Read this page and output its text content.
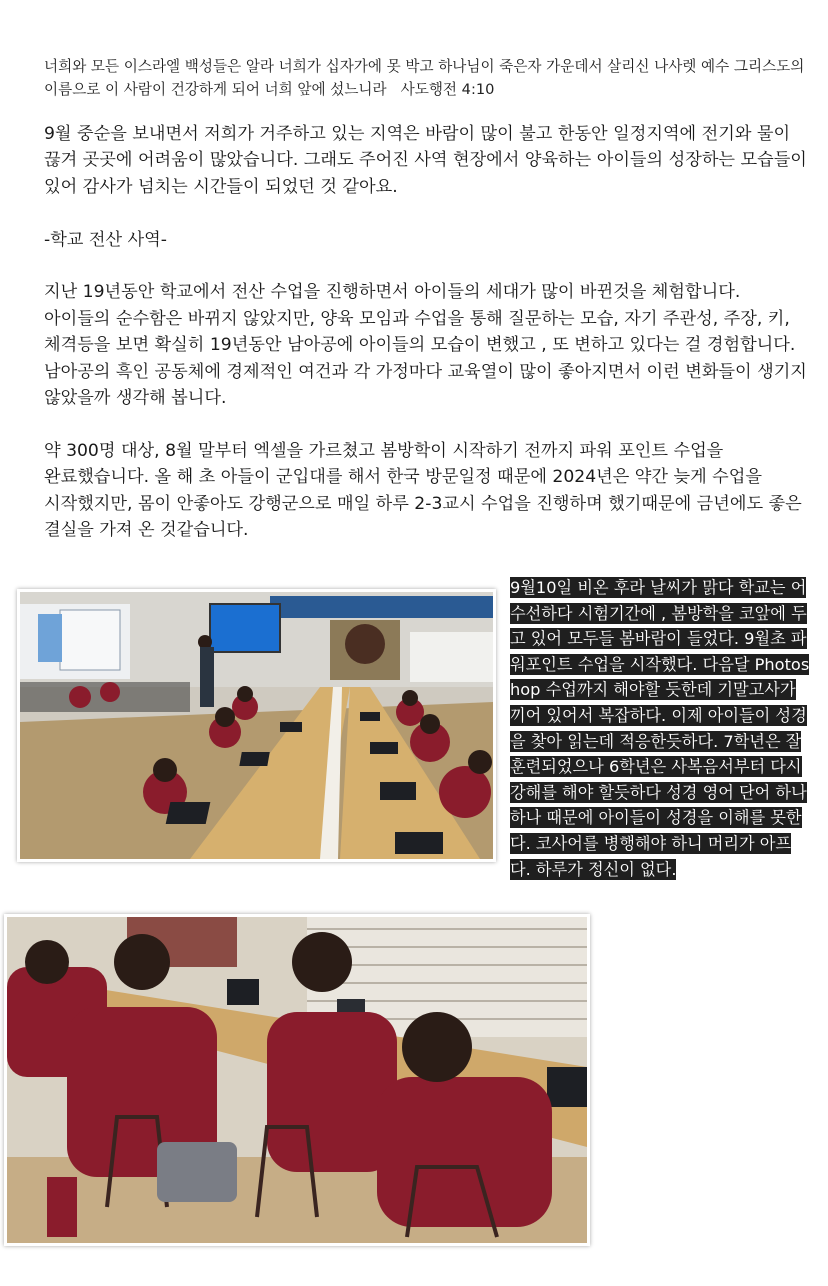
너희와 모든 이스라엘 백성들은 알라 너희가 십자가에 못 박고 하나님이 죽은자 가운데서 살리신 나사렛 예수 그리스도의 이름으로 이 사람이 건강하게 되어 너희 앞에 섰느니라 사도행전 4:10

9월 중순을 보내면서 저희가 거주하고 있는 지역은 바람이 많이 불고 한동안 일정지역에 전기와 물이 끊겨 곳곳에 어려움이 많았습니다. 그래도 주어진 사역 현장에서 양육하는 아이들의 성장하는 모습들이 있어 감사가 넘치는 시간들이 되었던 것 같아요.

-학교 전산 사역-

지난 19년동안 학교에서 전산 수업을 진행하면서 아이들의 세대가 많이 바뀐것을 체험합니다.

아이들의 순수함은 바뀌지 않았지만, 양육 모임과 수업을 통해 질문하는 모습, 자기 주관성, 주장, 키, 체격등을 보면 확실히 19년동안 남아공에 아이들의 모습이 변했고 , 또 변하고 있다는 걸 경험합니다.

남아공의 흑인 공동체에 경제적인 여건과 각 가정마다 교육열이 많이 좋아지면서 이런 변화들이 생기지 않았을까 생각해 봅니다.

약 300명 대상, 8월 말부터 엑셀을 가르쳤고 봄방학이 시작하기 전까지 파워 포인트 수업을 완료했습니다. 올 해 초 아들이 군입대를 해서 한국 방문일정 때문에 2024년은 약간 늦게 수업을 시작했지만, 몸이 안좋아도 강행군으로 매일 하루 2-3교시 수업을 진행하며 했기때문에 금년에도 좋은 결실을 가져 온 것같습니다.

9월10일 비온 후라 날씨가 맑다 학교는 어수선하다 시험기간에 , 봄방학을 코앞에 두고 있어 모두들 봄바람이 들었다. 9월초 파워포인트 수업을 시작했다. 다음달 Photoshop 수업까지 해야할 듯한데 기말고사가 끼어 있어서 복잡하다. 이제 아이들이 성경을 찾아 읽는데 적응한듯하다. 7학년은 잘 훈련되었으나 6학년은 사복음서부터 다시 강해를 해야 할듯하다 성경 영어 단어 하나 하나 때문에 아이들이 성경을 이해를 못한다. 코사어를 병행해야 하니 머리가 아프다. 하루가 정신이 없다.
